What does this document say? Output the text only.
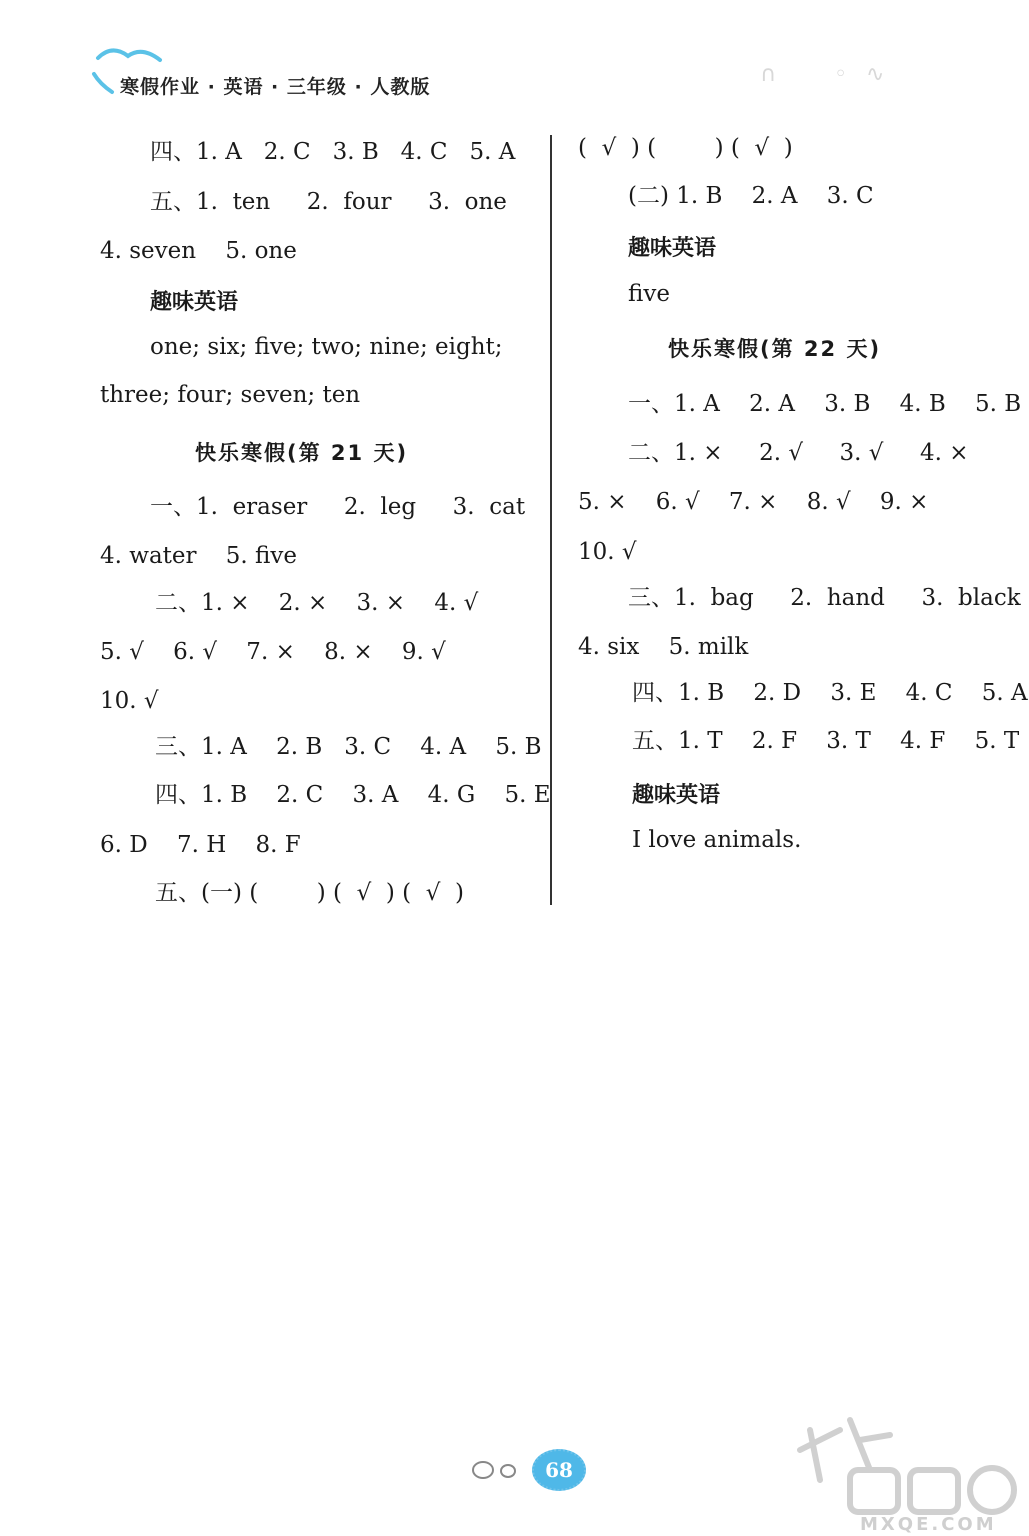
寒假作业 · 英语 · 三年级 · 人教版	∩    ◦ ∿
四、1. A   2. C   3. B   4. C   5. A
五、1.  ten     2.  four     3.  one
4. seven    5. one
趣味英语
one; six; five; two; nine; eight;
three; four; seven; ten
快乐寒假(第 21 天)
一、1.  eraser     2.  leg     3.  cat
4. water    5. five
二、1. ×    2. ×    3. ×    4. √
5. √    6. √    7. ×    8. ×    9. √
10. √
三、1. A    2. B   3. C    4. A    5. B
四、1. B    2. C    3. A    4. G    5. E
6. D    7. H    8. F
五、(一) (        ) (  √  ) (  √  )
(  √  ) (        ) (  √  )
(二) 1. B    2. A    3. C
趣味英语
five
快乐寒假(第 22 天)
一、1. A    2. A    3. B    4. B    5. B
二、1. ×     2. √     3. √     4. ×
5. ×    6. √    7. ×    8. √    9. ×
10. √
三、1.  bag     2.  hand     3.  black
4. six    5. milk
四、1. B    2. D    3. E    4. C    5. A
五、1. T    2. F    3. T    4. F    5. T
趣味英语
I love animals.
68
MXQE.COM
